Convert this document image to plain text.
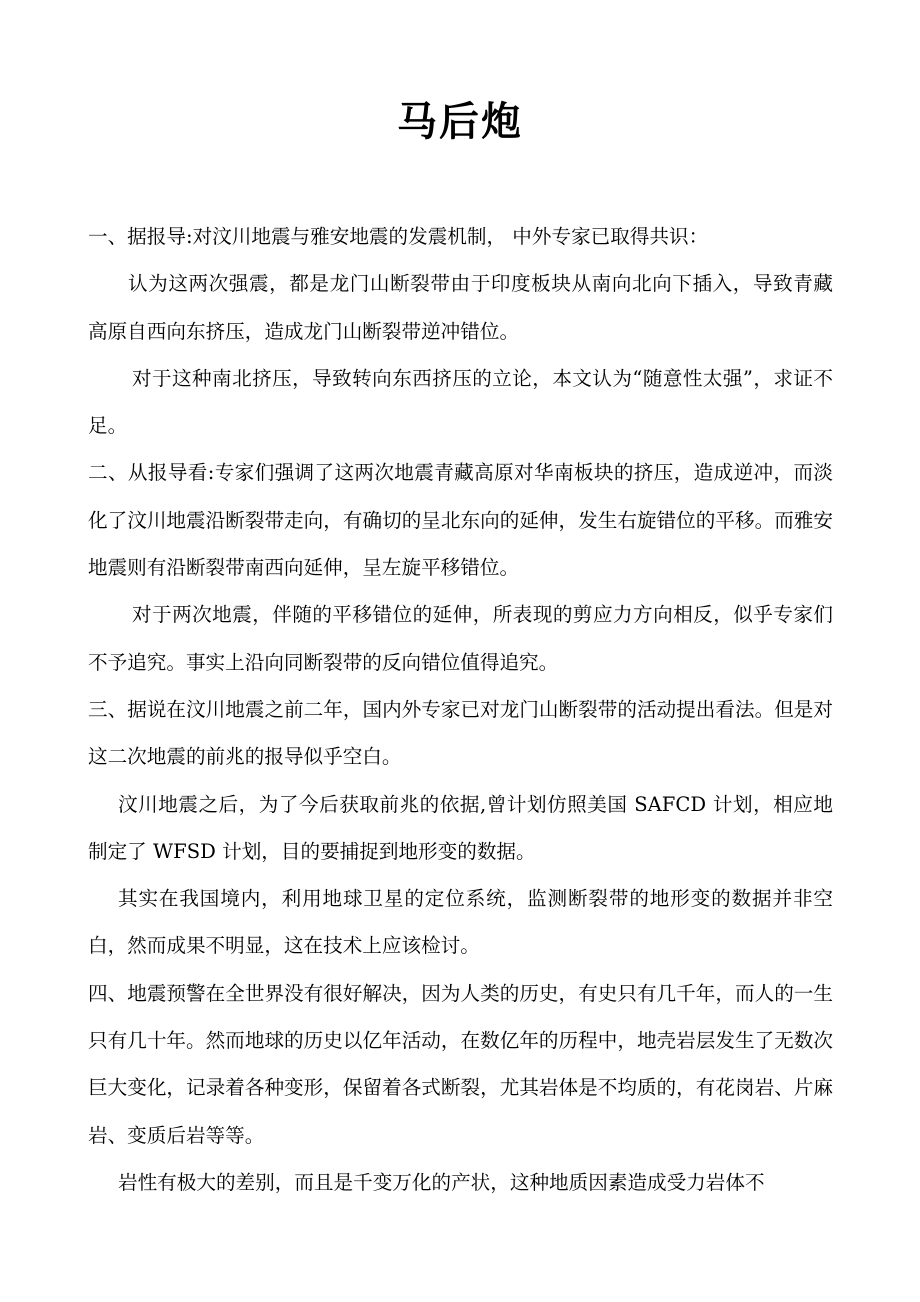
马后炮

一、据报导:对汶川地震与雅安地震的发震机制， 中外专家已取得共识：

认为这两次强震，都是龙门山断裂带由于印度板块从南向北向下插入，导致青藏高原自西向东挤压，造成龙门山断裂带逆冲错位。

对于这种南北挤压，导致转向东西挤压的立论，本文认为“随意性太强”，求证不足。

二、从报导看:专家们强调了这两次地震青藏高原对华南板块的挤压，造成逆冲，而淡化了汶川地震沿断裂带走向，有确切的呈北东向的延伸，发生右旋错位的平移。而雅安地震则有沿断裂带南西向延伸，呈左旋平移错位。

对于两次地震，伴随的平移错位的延伸，所表现的剪应力方向相反，似乎专家们不予追究。事实上沿向同断裂带的反向错位值得追究。

三、据说在汶川地震之前二年，国内外专家已对龙门山断裂带的活动提出看法。但是对这二次地震的前兆的报导似乎空白。

汶川地震之后，为了今后获取前兆的依据,曾计划仿照美国 SAFCD 计划，相应地制定了 WFSD 计划，目的要捕捉到地形变的数据。

其实在我国境内，利用地球卫星的定位系统，监测断裂带的地形变的数据并非空白，然而成果不明显，这在技术上应该检讨。

四、地震预警在全世界没有很好解决，因为人类的历史，有史只有几千年，而人的一生只有几十年。然而地球的历史以亿年活动，在数亿年的历程中，地壳岩层发生了无数次巨大变化，记录着各种变形，保留着各式断裂，尤其岩体是不均质的，有花岗岩、片麻岩、变质后岩等等。

岩性有极大的差别，而且是千变万化的产状，这种地质因素造成受力岩体不
